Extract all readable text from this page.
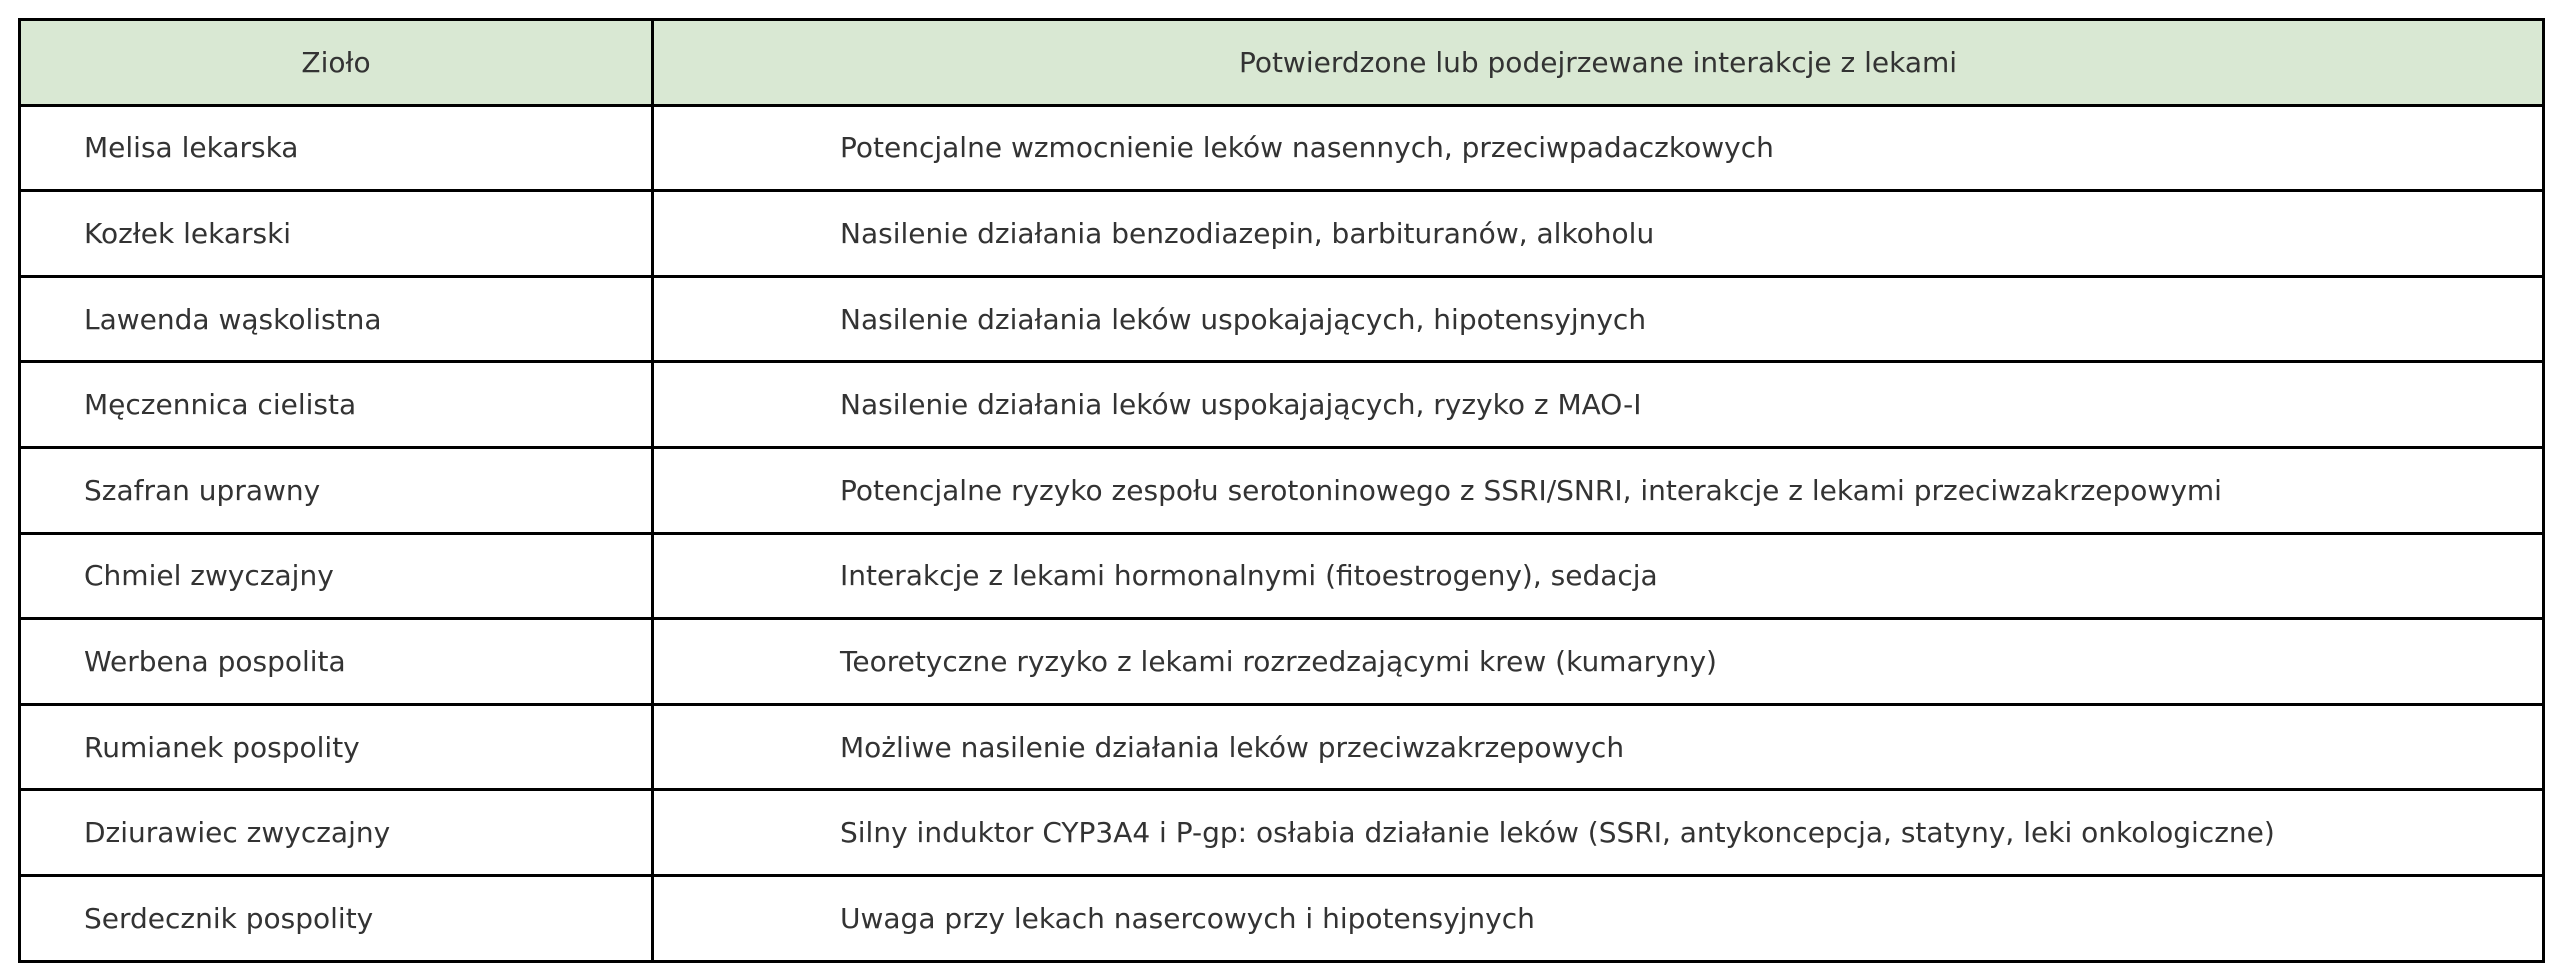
Zioło	Potwierdzone lub podejrzewane interakcje z lekami
Melisa lekarska	Potencjalne wzmocnienie leków nasennych, przeciwpadaczkowych
Kozłek lekarski	Nasilenie działania benzodiazepin, barbituranów, alkoholu
Lawenda wąskolistna	Nasilenie działania leków uspokajających, hipotensyjnych
Męczennica cielista	Nasilenie działania leków uspokajających, ryzyko z MAO-I
Szafran uprawny	Potencjalne ryzyko zespołu serotoninowego z SSRI/SNRI, interakcje z lekami przeciwzakrzepowymi
Chmiel zwyczajny	Interakcje z lekami hormonalnymi (fitoestrogeny), sedacja
Werbena pospolita	Teoretyczne ryzyko z lekami rozrzedzającymi krew (kumaryny)
Rumianek pospolity	Możliwe nasilenie działania leków przeciwzakrzepowych
Dziurawiec zwyczajny	Silny induktor CYP3A4 i P-gp: osłabia działanie leków (SSRI, antykoncepcja, statyny, leki onkologiczne)
Serdecznik pospolity	Uwaga przy lekach nasercowych i hipotensyjnych
